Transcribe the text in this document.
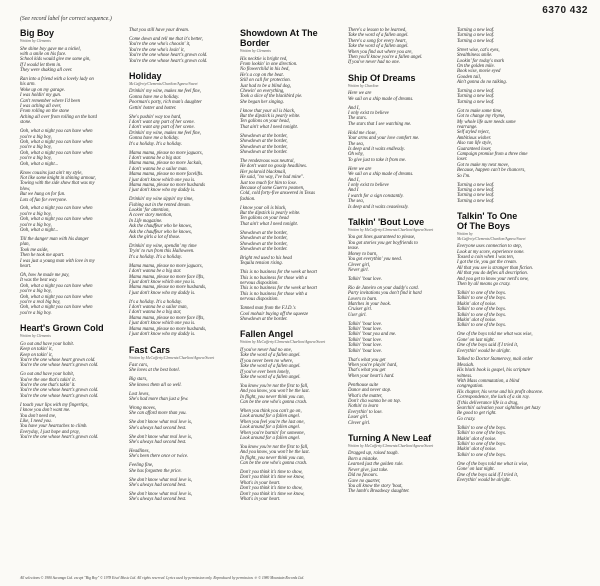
6370 432
(See record label for correct sequence.)
Big Boy
Written by Clements
She shine boy gave me a nickel,
with a smile on his face.
School kids would give me some gin,
If I would let them in.
They were shaking all over.
Ran into a friend with a lovely lady on
his arm.
Woke up on my garage.
I was holdin' my gun.
Can't remember where I'd been
I was aching all over,
From rolling on the stone
Aching all over from rolling on the hard
stone.
Ooh, what a night you can have when
you're a big boy,
Ooh, what a night you can have when
you're a big boy,
Ooh, what a night you can have when
you're a big boy,
Ooh, what a night...
Know cousins just ain't my style,
Not like some knight in shining armour,
Towing with the side show that was my
blow,
But we hung on for fun.
Lots of fun for everyone.
Ooh, what a night you can have when
you're a big boy,
Ooh, what a night you can have when
you're a big boy,
Ooh, what a night...
Till the danger man with his danger
plan,
Took me aside,
Then he took me apart.
I was just a young man with love in my
heart.
Oh, how he made me pay,
It was the best way.
Ooh, what a night you can have when
you're a big boy,
Ooh, what a night you can have when
you're a real big boy,
Ooh, what a night you can have when
you're a big boy.
Heart's Grown Cold
Written by Clements
Go out and have your habit.
Keep on takin' it,
Keep on takin' it,
You're the one whose heart grown cold.
You're the one whose heart's grown cold.
Go out and have your habit,
You've the one that's takin' it.
You're the one that's takin' it.
You're the one whose heart's grown cold.
You're the one whose heart's grown cold.
I touch your lips with my fingertips,
I know you don't want me.
You don't need me,
Like, I need you.
You have your heartaches to climb.
Everyday, I just hope and pray,
You're the one whose heart's grown cold.
That you still have your dream.
Come down and tell me that it's better,
You're the one who's choosin' it,
You're the one who's losin' it,
You're the one whose heart's grown cold.
You're the one whose heart's grown cold.
Holiday
McCafferty/Clements/Charlton/Agnew/Sweet
Drinkin' my wine, makes me feel fine,
Gonna have me a holiday.
Poorman's party, rich man's daughter
Gettin' hotter and hotter.
She's pushin' way too hard,
I don't want any part of her scene.
I don't want any part of her scene.
Drinkin' my wine, makes me feel fine,
Gonna have me a holiday.
It's a holiday. It's a holiday.
Mama mama, please no more jaguars,
I don't wanna be a big star.
Mama mama, please no more Jackals,
I don't wanna be a sailor man.
Mama mama, please no more facelifts.
I just don't know which one you is.
Mama mama, please no more husbands
I just don't know who my daddy is.
Drinkin' my wine sippin' my time,
Fishing out in the rented dream.
Lookin' for attention,
A cover story mention,
In Life magazine.
Ask the chauffeur who he knows,
Ask the chauffeur who he knows,
Ask the girls a lot of those.
Drinkin' my wine, spendin' my time
Tryin' to run from this Halloween.
It's a holiday. It's a holiday.
Mama mama, please no more jaguars,
I don't wanna be a big star.
Mama mama, please no more face lifts,
I just don't know which one you is.
Mama mama, please no more husbands,
I just don't know who my daddy is.
It's a holiday. It's a holiday.
I don't wanna be a sailor man,
I don't wanna be a big star,
Mama mama, please no more face lifts,
I just don't know which one you is.
Mama mama, please no more husbands,
I just don't know who my daddy is.
Fast Cars
Written by McCafferty/Clements/Charlton/Agnew/Sweet
Fast cars,
She loves at the best hotel.
Big stars,
She knows them all so well.
Lost loves,
She's had more than just a few.
Wrong moves,
She can afford more than you.
She don't know what real love is,
She's always had second best.
She don't know what real love is,
She's always had second best.
Headlines,
She's been there once or twice.
Feeling fine,
She has forgotten the price.
She don't know what real love is,
She's always had second best.
She don't know what real love is,
She's always had second best.
Showdown At The Border
Written by Clements
His necktie is bright red,
From lookin' in one direction.
No flowerchild in his bed,
He's a cop on the beat.
Still on call for protection.
Just had to be a blind dog,
Chewin' on everything,
Took a slice of the blackbird pie.
She began her singing.
I know that your oil is black,
But the dipstick is pearly white.
Ten gallons on your head,
That ain't what I need tonight.
Showdown at the border,
Showdown at the border,
Showdown at the border,
Showdown at the border.
The rendezvous was neutral,
He don't want no gossip headlines.
Her polaroid blackmail,
He said, "no way, I've had mine".
Just too much for him to lose.
Because of some Guerro posmen,
Cold, cold forty-five answered in Texas
fashion.
I know your oil is black,
But the dipstick is pearly white.
Ten gallons on your head
That ain't what I need tonight.
Showdown at the border,
Showdown at the border,
Showdown at the border,
Showdown at the border.
Bright red used to his head
Tequila tension rising.
This is no business for the week at heart
This is no business for those with a
nervous disposition.
This is no business for the week at heart
This is no business for those with a
nervous disposition.
Tanned man from the F.I.D.'s
Cool mohair buying off the squeeze
Showdown at the border.
Fallen Angel
Written by McCafferty/Clements/Charlton/Agnew/Sweet
If you've never had no one,
Take the word of a fallen angel.
If you never been no where,
Take the word of a fallen angel.
If you've ever been lonely,
Take the word of a fallen angel.
You know you're not the first to fall,
And you know, you won't be the last.
In flight, you never think you can,
Can be the one who's gonna crash.
When you think you can't go on,
Look around for a fallen angel.
When you feel you're the last one,
Look around for a fallen angel.
When you're burnin' for someone,
Look around for a fallen angel.
You know you're not the first to fall,
And you know, you won't be the last.
In flight, you never think you can,
Can be the one who's gonna crash.
Don't you think it's time to show,
Don't you think it's time we know,
What's in your heart.
Don't you think it's time to show,
Don't you think it's time we know,
What's in your heart.
There's a lesson to be learned,
Take the word of a fallen angel.
There's a song for every heart,
Take the word of a fallen angel.
When you find out where you are,
Then you'll know you're a fallen angel.
If you've never had no one.
Ship Of Dreams
Written by Charlton
Here we are
We sail on a ship made of dreams.
And I,
I only exist to believe
The stars.
The stars that I see watching me.
Hold me close,
Your arms and your love comfort me.
The sea,
Is deep and it waits endlessly.
Oh why,
To give just to take it from me.
Here we are
We sail on a ship made of dreams.
And I,
I only exist to believe
And I
I watch for a sign constantly.
The sea,
Is deep and it waits ceaselessly.
Talkin' 'Bout Love
Written by McCafferty/Clements/Charlton/Agnew/Sweet
You got lines guaranteed to please,
You got stories you get boyfriends to
tease.
Money to burn,
You got everythin' you need.
Clever girl,
Never girl.
Talkin' 'bout love.
Rio de Janeiro on your daddy's card.
Party invitations you don't find it hard
Lovers to burn.
Matches in your book.
Cruiser girl.
User girl.
Talkin' 'bout love.
Talkin' 'bout love.
Talkin' 'bout you and me.
Talkin' 'bout love.
Talkin' 'bout love.
Talkin' 'bout love.
That's what you get
When you're playin' hard,
That's what you get
When your heart's hard.
Penthouse suite
Dance and never stop.
What's the matter,
Don't cha wanna be on top.
Nothin' to learn
Everythin' to lose.
Loser girl.
Clever girl.
Turning A New Leaf
Written by McCafferty/Clements/Charlton/Agnew/Sweet
Dragged up, raised tough.
Born a mistake.
Learned just the golden rule.
Never give, just take.
Did no favours.
Gave no quarter,
You all know the story 'bout,
The lamb's Broadway slaughter.
Turning a new leaf.
Turning a new leaf.
Turning a new leaf.
Street wise, cat's eyes,
Stealthiness smile.
Lookin' for today's mark
On the golden mile.
Book wise, movie eyed
Gooden tail,
Ain't gonna do no talking.
Turning a new leaf.
Turning a new leaf.
Turning a new leaf.
Got to make some time,
Got to change my rhyme,
My whole life sure needs some
rearrange.
Self styled reject,
Ambitious wisher.
Also ran life style,
Guaranteed loser,
Campaign promise from a three time
loser.
Got to make my next move,
Because, happen can't be chancers,
So I'm.
Turning a new leaf.
Turning a new leaf.
Turning a new leaf.
Turning a new leaf.
Talkin' To One Of The Boys
Written by McCafferty/Clements/Charlton/Agnew/Sweet
Everyone uses connection to step,
Look at my score, experience none.
Tossed a coin when I was ten,
I got the tie, you got the cream.
All that you see is stranger than fiction.
All that you do defies all description.
And you get to know your nerd's new,
Then by all means go crazy.
Talkin' to one of the boys.
Talkin' to one of the boys.
Makin' alot of noise.
Talkin' to one of the boys.
Talkin' to one of the boys.
Makin' alot of noise.
Talkin' to one of the boys.
One of the boys told me what was wise,
Gone' on last night.
One of the boys said if I tried it,
Everythin' would be alright.
Talked to Doctor Stamerovy, mail order
Messiah.
His black book is gospel, his scripture
witness.
With Mass commutation, a blind
congregation.
His chapter, his verse and his profit obscene.
Correspondence, the luck of a sin ray.
If this deliverance life is a drug,
Searchin' salvation your sightlines get hazy
Be good to get right.
Go crazy.
Talkin' to one of the boys.
Talkin' to one of the boys.
Makin' alot of noise.
Talkin' to one of the boys.
Makin' alot of noise.
Talkin' to one of the boys.
One of the boys told me what is wise,
Gone' on last night.
One of the boys said if I tried it,
Everythin' would be alright.
All selections © 1980 Sucamgo Ltd. except "Big Boy" © 1978 Eisel Music Ltd. All rights reserved. Lyrics used by permission only. Reproduced by permission. ℗ © 1980 Mountain Records Ltd.
